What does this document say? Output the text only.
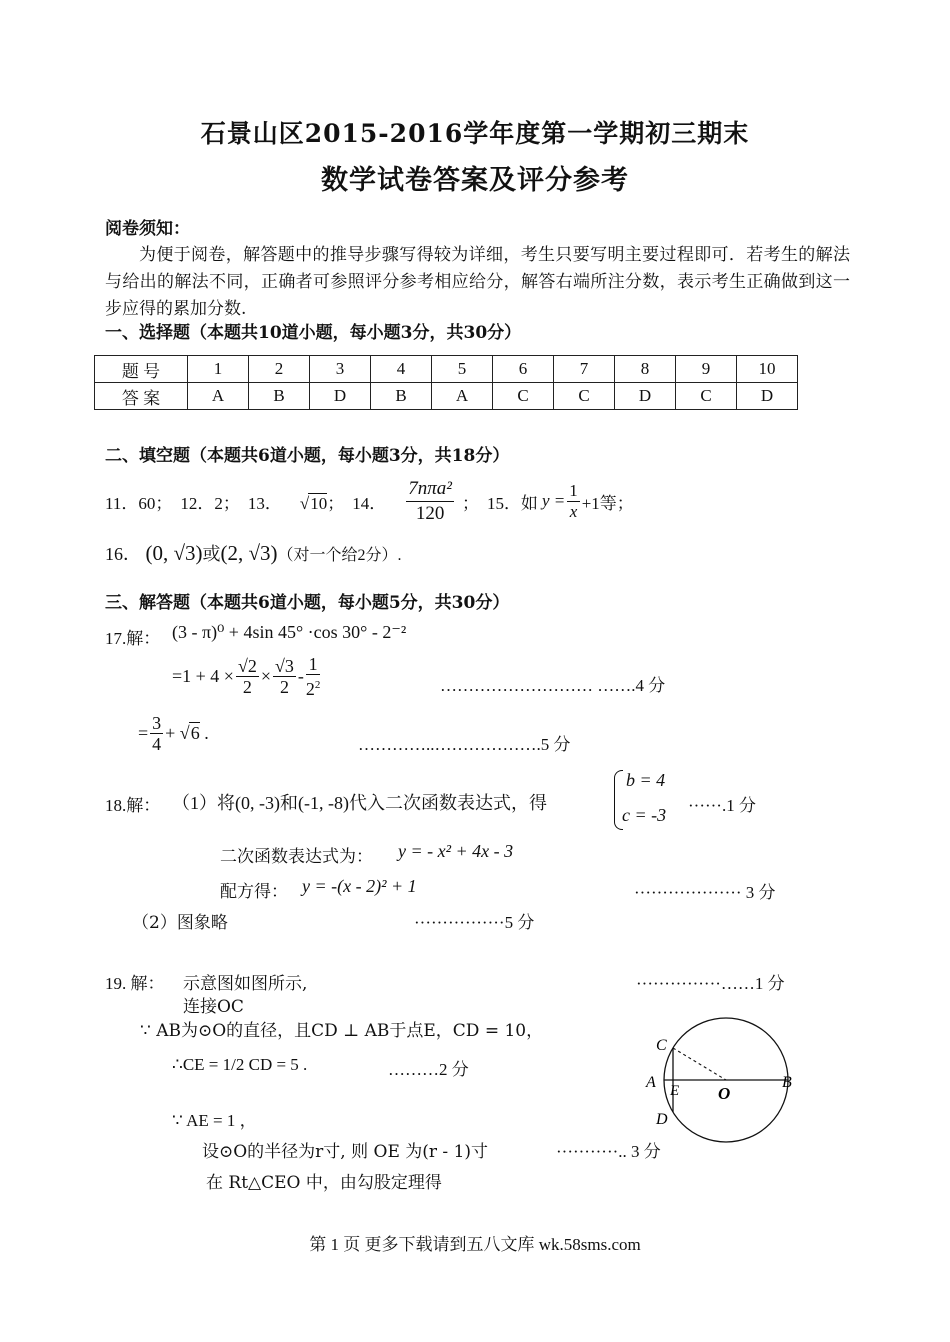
石景山区2015-2016学年度第一学期初三期末
数学试卷答案及评分参考
阅卷须知：
为便于阅卷，解答题中的推导步骤写得较为详细，考生只要写明主要过程即可．若考生的解法与给出的解法不同，正确者可参照评分参考相应给分，解答右端所注分数，表示考生正确做到这一步应得的累加分数.
一、选择题（本题共10道小题，每小题3分，共30分）
题 号	1	2	3	4	5	6	7	8	9	10
答 案	A	B	D	B	A	C	C	D	C	D
二、填空题（本题共6道小题，每小题3分，共18分）
11．60； 12．2； 13． √10； 14． $\frac{\text{7nπa²}}{120}$ ； 15．如 $y = \frac{1}{x} +1$等；
16． (0, √3)或(2, √3)（对一个给2分）.
三、解答题（本题共6道小题，每小题5分，共30分）
17.解： (3 - π)⁰ + 4sin 45° ·cos 30° - 2⁻²
$=1 + 4 \times \frac{√2}{2} \times \frac{√3}{2} - \frac{1}{2^2}$	……………………… …….4 分
= $\frac{3}{4} + √6$ .
…………..……………….5 分
18.解： （1）将(0, -3)和(-1, -8)代入二次函数表达式，得
b = 4
c = -3 ······.1 分
二次函数表达式为： y = - x² + 4x - 3
配方得： y = -(x - 2)² + 1	··················· 3 分
（2）图象略	················5 分
19. 解： 示意图如图所示,	···············……1 分
连接OC
∵ AB为⊙O的直径，且CD ⊥ AB于点E，CD = 10，
∴CE = 1/2 CD = 5 .	………2 分
∵ AE = 1 ，
设⊙O的半径为r寸, 则 OE 为(r - 1)寸	···········.. 3 分
在 Rt△CEO 中，由勾股定理得
C
A E O
B
D
第 1 页 更多下载请到五八文库 wk.58sms.com
